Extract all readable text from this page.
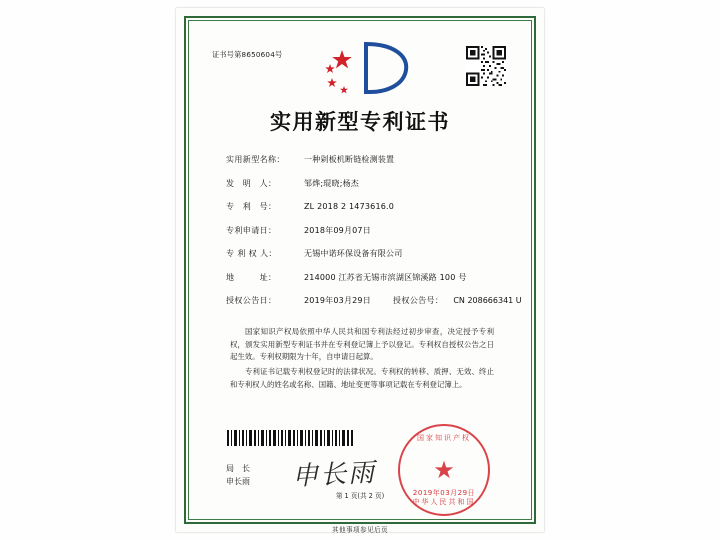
证书号第8650604号
实用新型专利证书
实用新型名称：	一种剁板机断链检测装置
发　明　人：	邹烨;琨晓;杨杰
专　利　号：	ZL 2018 2 1473616.0
专利申请日：	2018年09月07日
专 利 权 人：	无锡中诺环保设备有限公司
地　　　址：	214000 江苏省无锡市滨湖区锦溪路 100 号
授权公告日：	2019年03月29日	授权公告号： CN 208666341 U

国家知识产权局依照中华人民共和国专利法经过初步审查，决定授予专利权，颁发实用新型专利证书并在专利登记簿上予以登记。专利权自授权公告之日起生效。专利权期限为十年，自申请日起算。

专利证书记载专利权登记时的法律状况。专利权的转移、质押、无效、终止和专利权人的姓名或名称、国籍、地址变更等事项记载在专利登记簿上。

国家知识产权
★
2019年03月29日
中华人民共和国
局　长
申长雨 申长雨
第 1 页(共 2 页)
其他事项参见后页
